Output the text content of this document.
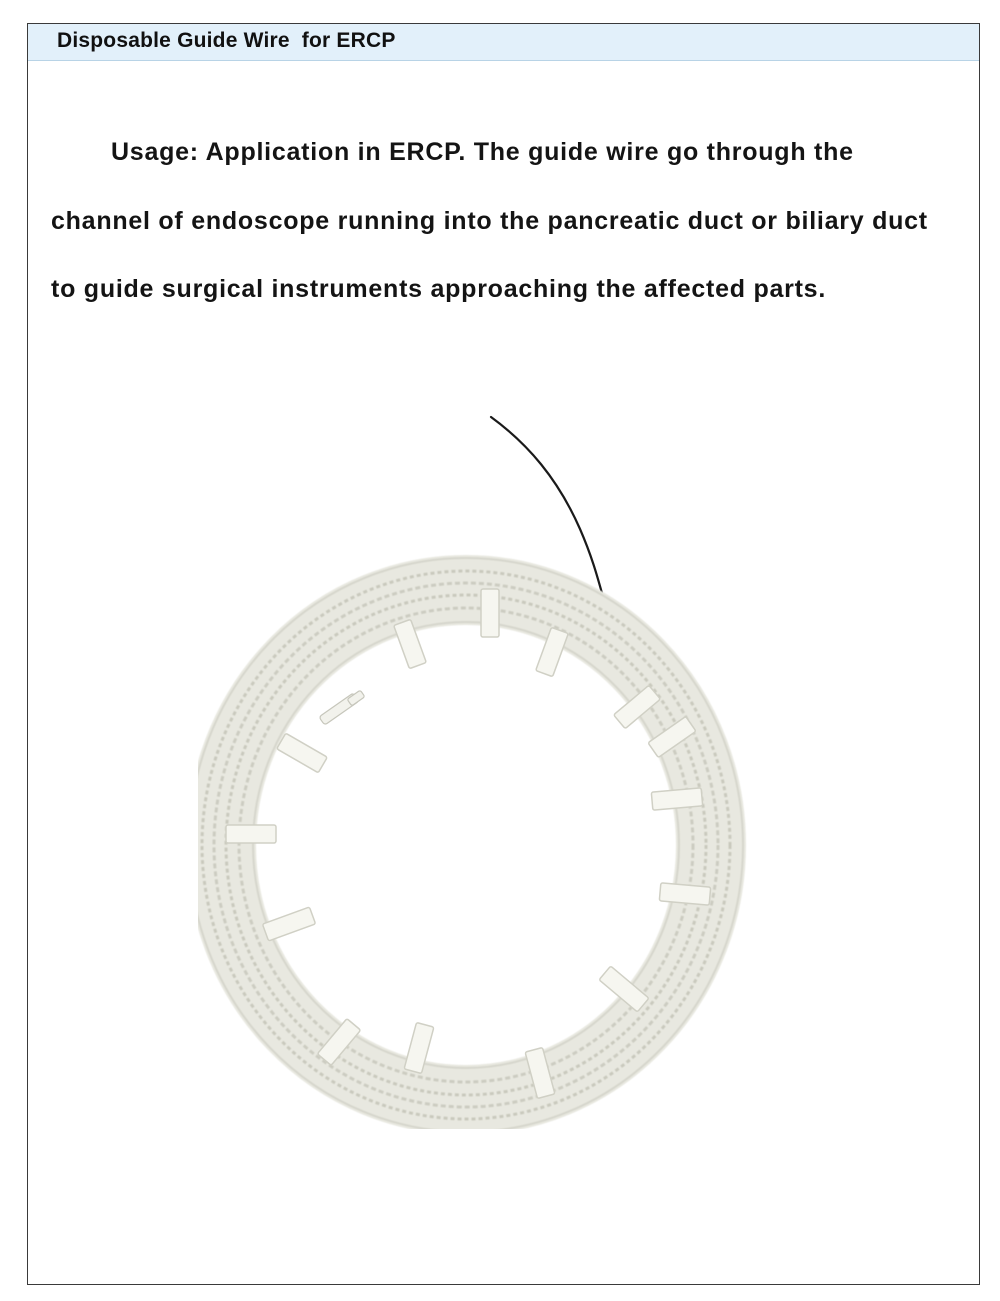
Disposable Guide Wire  for ERCP

Usage: Application in ERCP. The guide wire go through the channel of endoscope running into the pancreatic duct or biliary duct to guide surgical instruments approaching the affected parts.
